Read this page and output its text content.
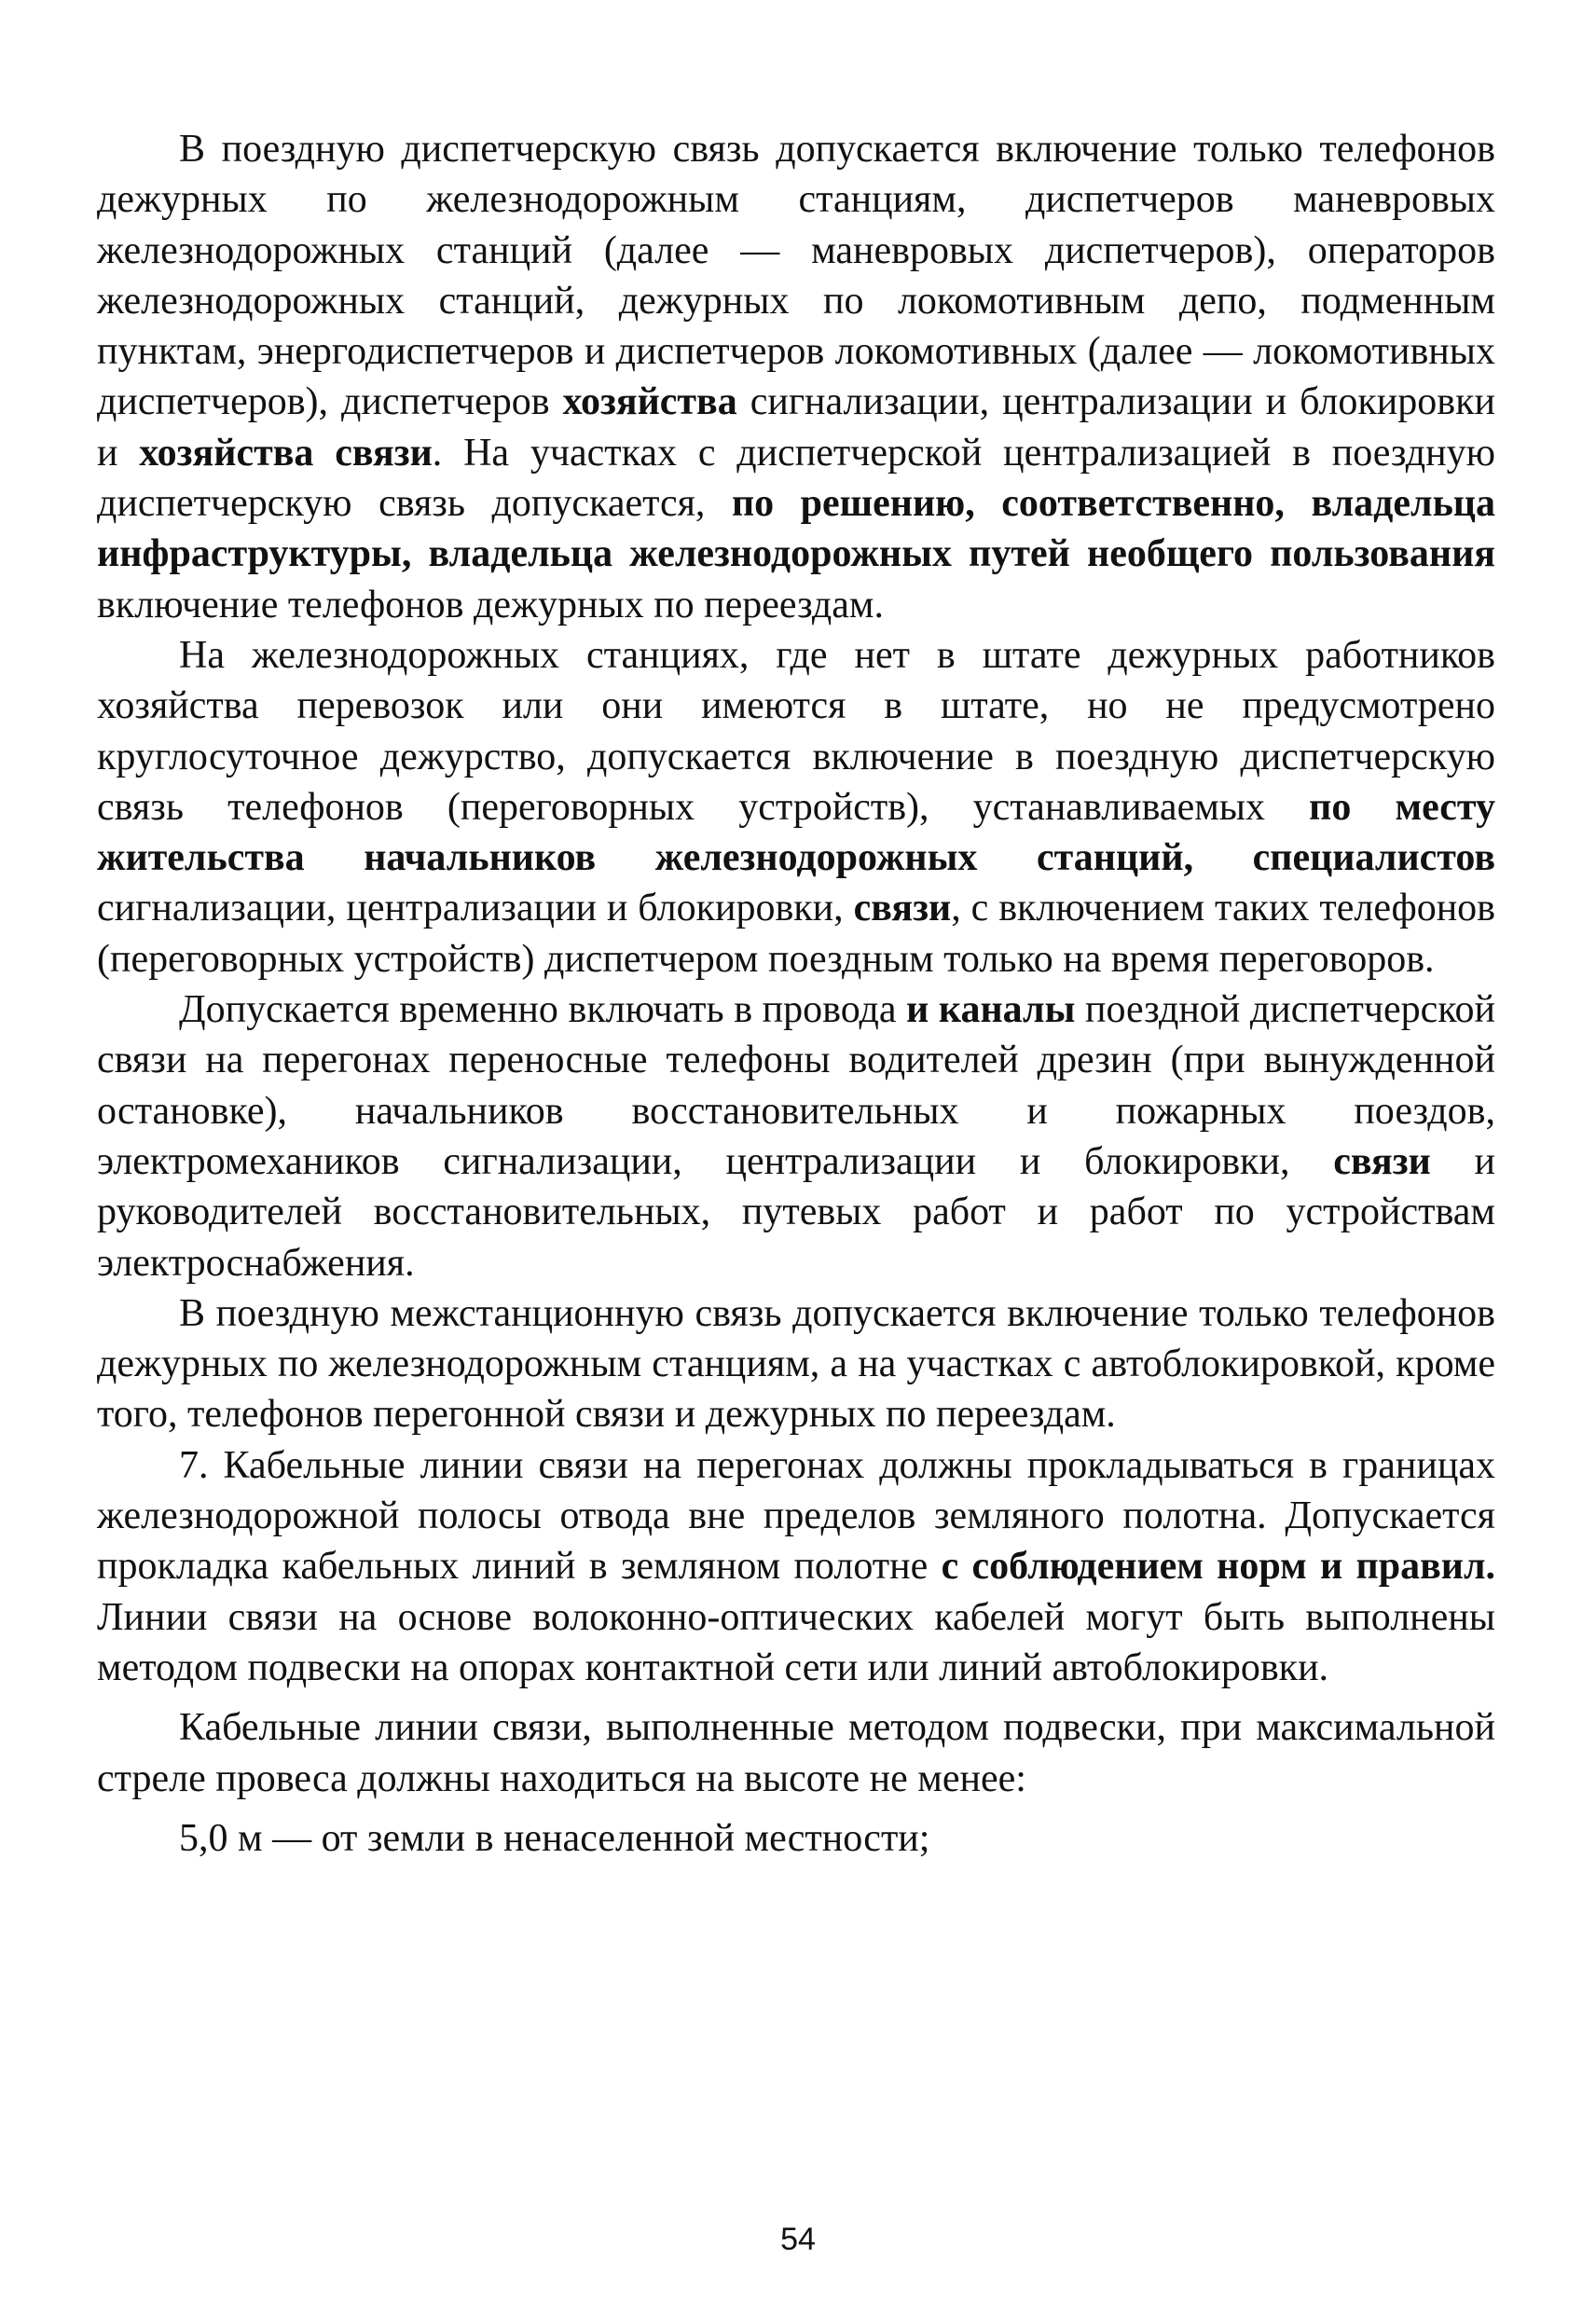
В поездную диспетчерскую связь допускается включение только телефонов дежурных по железнодорожным станциям, диспетчеров маневровых железнодорожных станций (далее — маневровых диспетчеров), операторов железнодорожных станций, дежурных по локомотивным депо, подменным пунктам, энергодиспетчеров и диспетчеров локомотивных (далее — локомотивных диспетчеров), диспетчеров хозяйства сигнализации, централизации и блокировки и хозяйства связи. На участках с диспетчерской централизацией в поездную диспетчерскую связь допускается, по решению, соответственно, владельца инфраструктуры, владельца железнодорожных путей необщего пользования включение телефонов дежурных по переездам.

На железнодорожных станциях, где нет в штате дежурных работников хозяйства перевозок или они имеются в штате, но не предусмотрено круглосуточное дежурство, допускается включение в поездную диспетчерскую связь телефонов (переговорных устройств), устанавливаемых по месту жительства начальников железнодорожных станций, специалистов сигнализации, централизации и блокировки, связи, с включением таких телефонов (переговорных устройств) диспетчером поездным только на время переговоров.

Допускается временно включать в провода и каналы поездной диспетчерской связи на перегонах переносные телефоны водителей дрезин (при вынужденной остановке), начальников восстановительных и пожарных поездов, электромехаников сигнализации, централизации и блокировки, связи и руководителей восстановительных, путевых работ и работ по устройствам электроснабжения.

В поездную межстанционную связь допускается включение только телефонов дежурных по железнодорожным станциям, а на участках с автоблокировкой, кроме того, телефонов перегонной связи и дежурных по переездам.

7. Кабельные линии связи на перегонах должны прокладываться в границах железнодорожной полосы отвода вне пределов земляного полотна. Допускается прокладка кабельных линий в земляном полотне с соблюдением норм и правил. Линии связи на основе волоконно-оптических кабелей могут быть выполнены методом подвески на опорах контактной сети или линий автоблокировки.

Кабельные линии связи, выполненные методом подвески, при максимальной стреле провеса должны находиться на высоте не менее:

5,0 м — от земли в ненаселенной местности;

54
